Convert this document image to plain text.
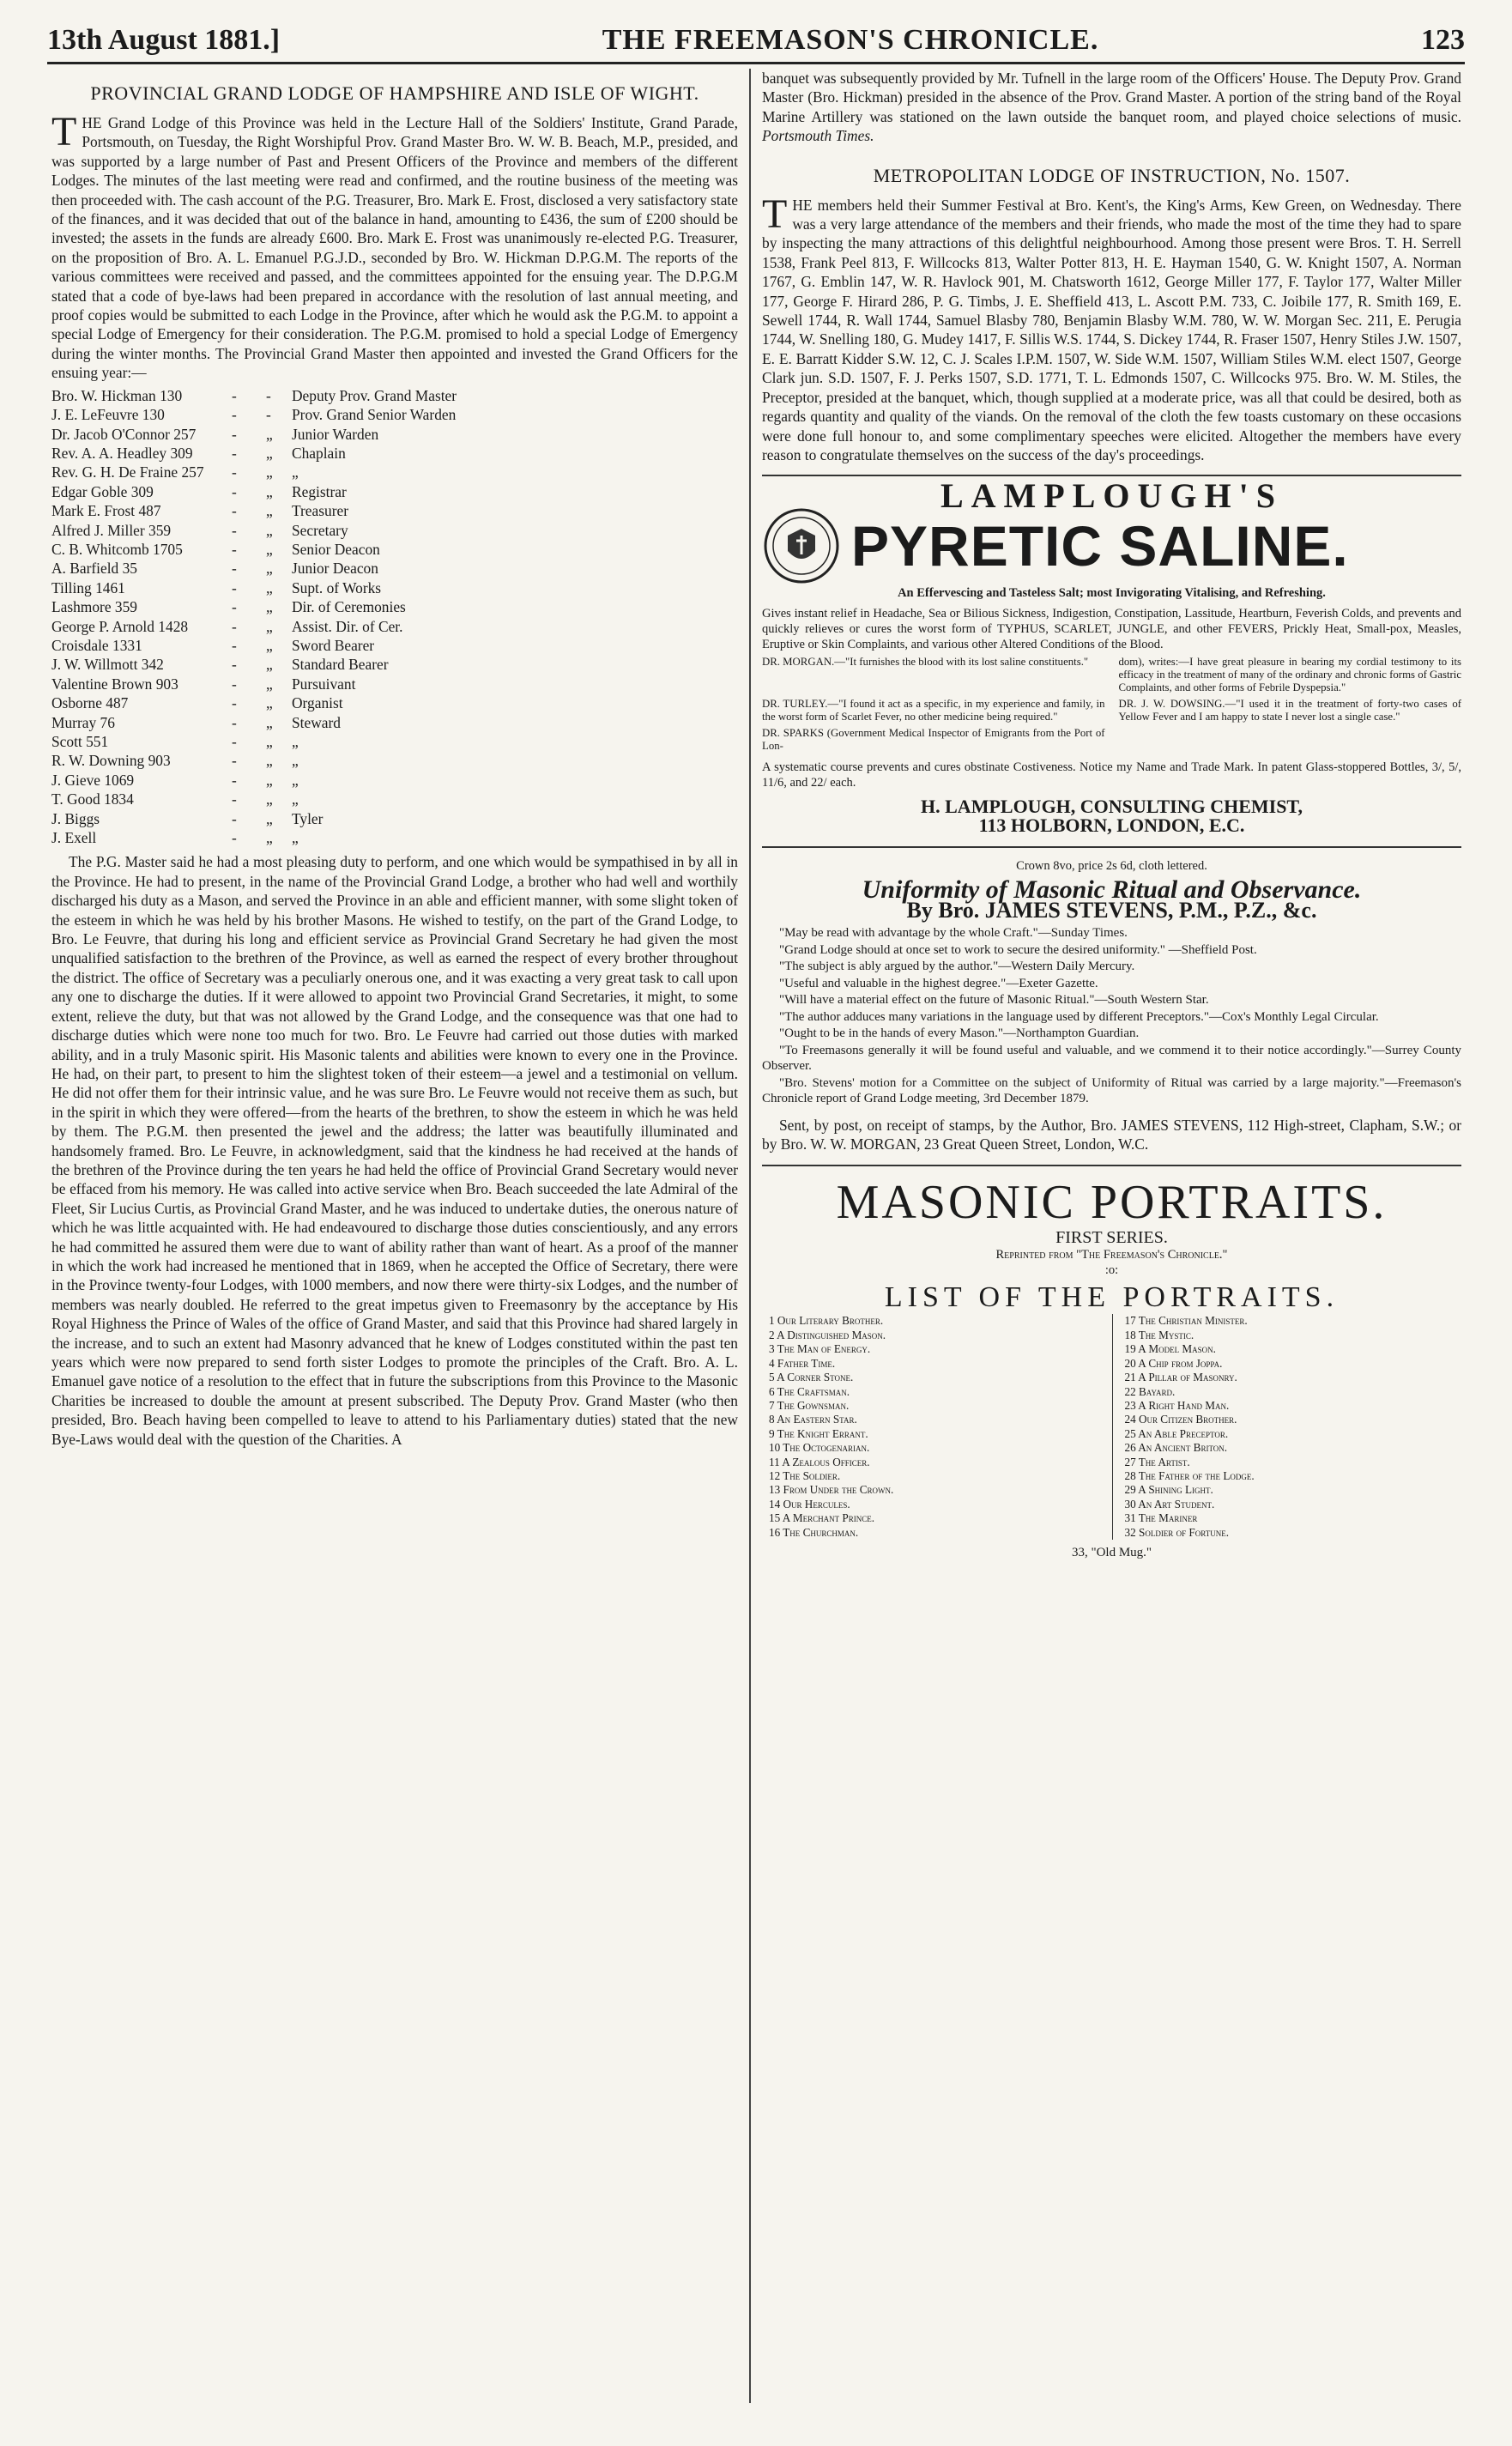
13th August 1881.]	THE FREEMASON'S CHRONICLE.	123
PROVINCIAL GRAND LODGE OF HAMPSHIRE AND ISLE OF WIGHT.

THE Grand Lodge of this Province was held in the Lecture Hall of the Soldiers' Institute, Grand Parade, Portsmouth, on Tuesday, the Right Worshipful Prov. Grand Master Bro. W. W. B. Beach, M.P., presided, and was supported by a large number of Past and Present Officers of the Province and members of the different Lodges. The minutes of the last meeting were read and confirmed, and the routine business of the meeting was then proceeded with. The cash account of the P.G. Treasurer, Bro. Mark E. Frost, disclosed a very satisfactory state of the finances, and it was decided that out of the balance in hand, amounting to £436, the sum of £200 should be invested; the assets in the funds are already £600. Bro. Mark E. Frost was unanimously re-elected P.G. Treasurer, on the proposition of Bro. A. L. Emanuel P.G.J.D., seconded by Bro. W. Hickman D.P.G.M. The reports of the various committees were received and passed, and the committees appointed for the ensuing year. The D.P.G.M stated that a code of bye-laws had been prepared in accordance with the resolution of last annual meeting, and proof copies would be submitted to each Lodge in the Province, after which he would ask the P.G.M. to appoint a special Lodge of Emergency for their consideration. The P.G.M. promised to hold a special Lodge of Emergency during the winter months. The Provincial Grand Master then appointed and invested the Grand Officers for the ensuing year:—

Bro. W. Hickman 130	-	-	Deputy Prov. Grand Master
J. E. LeFeuvre 130	-	-	Prov. Grand Senior Warden
Dr. Jacob O'Connor 257	-	„	Junior Warden
Rev. A. A. Headley 309	-	„	Chaplain
Rev. G. H. De Fraine 257	-	„	„
Edgar Goble 309	-	„	Registrar
Mark E. Frost 487	-	„	Treasurer
Alfred J. Miller 359	-	„	Secretary
C. B. Whitcomb 1705	-	„	Senior Deacon
A. Barfield 35	-	„	Junior Deacon
Tilling 1461	-	„	Supt. of Works
Lashmore 359	-	„	Dir. of Ceremonies
George P. Arnold 1428	-	„	Assist. Dir. of Cer.
Croisdale 1331	-	„	Sword Bearer
J. W. Willmott 342	-	„	Standard Bearer
Valentine Brown 903	-	„	Pursuivant
Osborne 487	-	„	Organist
Murray 76	-	„	Steward
Scott 551	-	„	„
R. W. Downing 903	-	„	„
J. Gieve 1069	-	„	„
T. Good 1834	-	„	„
J. Biggs	-	„	Tyler
J. Exell	-	„	„

The P.G. Master said he had a most pleasing duty to perform, and one which would be sympathised in by all in the Province. He had to present, in the name of the Provincial Grand Lodge, a brother who had well and worthily discharged his duty as a Mason, and served the Province in an able and efficient manner, with some slight token of the esteem in which he was held by his brother Masons. He wished to testify, on the part of the Grand Lodge, to Bro. Le Feuvre, that during his long and efficient service as Provincial Grand Secretary he had given the most unqualified satisfaction to the brethren of the Province, as well as earned the respect of every brother throughout the district. The office of Secretary was a peculiarly onerous one, and it was exacting a very great task to call upon any one to discharge the duties. If it were allowed to appoint two Provincial Grand Secretaries, it might, to some extent, relieve the duty, but that was not allowed by the Grand Lodge, and the consequence was that one had to discharge duties which were none too much for two. Bro. Le Feuvre had carried out those duties with marked ability, and in a truly Masonic spirit. His Masonic talents and abilities were known to every one in the Province. He had, on their part, to present to him the slightest token of their esteem—a jewel and a testimonial on vellum. He did not offer them for their intrinsic value, and he was sure Bro. Le Feuvre would not receive them as such, but in the spirit in which they were offered—from the hearts of the brethren, to show the esteem in which he was held by them. The P.G.M. then presented the jewel and the address; the latter was beautifully illuminated and handsomely framed. Bro. Le Feuvre, in acknowledgment, said that the kindness he had received at the hands of the brethren of the Province during the ten years he had held the office of Provincial Grand Secretary would never be effaced from his memory. He was called into active service when Bro. Beach succeeded the late Admiral of the Fleet, Sir Lucius Curtis, as Provincial Grand Master, and he was induced to undertake duties, the onerous nature of which he was little acquainted with. He had endeavoured to discharge those duties conscientiously, and any errors he had committed he assured them were due to want of ability rather than want of heart. As a proof of the manner in which the work had increased he mentioned that in 1869, when he accepted the Office of Secretary, there were in the Province twenty-four Lodges, with 1000 members, and now there were thirty-six Lodges, and the number of members was nearly doubled. He referred to the great impetus given to Freemasonry by the acceptance by His Royal Highness the Prince of Wales of the office of Grand Master, and said that this Province had shared largely in the increase, and to such an extent had Masonry advanced that he knew of Lodges constituted within the past ten years which were now prepared to send forth sister Lodges to promote the principles of the Craft. Bro. A. L. Emanuel gave notice of a resolution to the effect that in future the subscriptions from this Province to the Masonic Charities be increased to double the amount at present subscribed. The Deputy Prov. Grand Master (who then presided, Bro. Beach having been compelled to leave to attend to his Parliamentary duties) stated that the new Bye-Laws would deal with the question of the Charities. A

banquet was subsequently provided by Mr. Tufnell in the large room of the Officers' House. The Deputy Prov. Grand Master (Bro. Hickman) presided in the absence of the Prov. Grand Master. A portion of the string band of the Royal Marine Artillery was stationed on the lawn outside the banquet room, and played choice selections of music. Portsmouth Times.

METROPOLITAN LODGE OF INSTRUCTION, No. 1507.

THE members held their Summer Festival at Bro. Kent's, the King's Arms, Kew Green, on Wednesday. There was a very large attendance of the members and their friends, who made the most of the time they had to spare by inspecting the many attractions of this delightful neighbourhood. Among those present were Bros. T. H. Serrell 1538, Frank Peel 813, F. Willcocks 813, Walter Potter 813, H. E. Hayman 1540, G. W. Knight 1507, A. Norman 1767, G. Emblin 147, W. R. Havlock 901, M. Chatsworth 1612, George Miller 177, F. Taylor 177, Walter Miller 177, George F. Hirard 286, P. G. Timbs, J. E. Sheffield 413, L. Ascott P.M. 733, C. Joibile 177, R. Smith 169, E. Sewell 1744, R. Wall 1744, Samuel Blasby 780, Benjamin Blasby W.M. 780, W. W. Morgan Sec. 211, E. Perugia 1744, W. Snelling 180, G. Mudey 1417, F. Sillis W.S. 1744, S. Dickey 1744, R. Fraser 1507, Henry Stiles J.W. 1507, E. E. Barratt Kidder S.W. 12, C. J. Scales I.P.M. 1507, W. Side W.M. 1507, William Stiles W.M. elect 1507, George Clark jun. S.D. 1507, F. J. Perks 1507, S.D. 1771, T. L. Edmonds 1507, C. Willcocks 975. Bro. W. M. Stiles, the Preceptor, presided at the banquet, which, though supplied at a moderate price, was all that could be desired, both as regards quantity and quality of the viands. On the removal of the cloth the few toasts customary on these occasions were done full honour to, and some complimentary speeches were elicited. Altogether the members have every reason to congratulate themselves on the success of the day's proceedings.

LAMPLOUGH'S
PYRETIC SALINE.
An Effervescing and Tasteless Salt; most Invigorating Vitalising, and Refreshing.
Gives instant relief in Headache, Sea or Bilious Sickness, Indigestion, Constipation, Lassitude, Heartburn, Feverish Colds, and prevents and quickly relieves or cures the worst form of TYPHUS, SCARLET, JUNGLE, and other FEVERS, Prickly Heat, Small-pox, Measles, Eruptive or Skin Complaints, and various other Altered Conditions of the Blood.
DR. MORGAN.—"It furnishes the blood with its lost saline constituents."	dom), writes:—I have great pleasure in bearing my cordial testimony to its efficacy in the treatment of many of the ordinary and chronic forms of Gastric Complaints, and other forms of Febrile Dyspepsia."
DR. TURLEY.—"I found it act as a specific, in my experience and family, in the worst form of Scarlet Fever, no other medicine being required."
DR. J. W. DOWSING.—"I used it in the treatment of forty-two cases of Yellow Fever and I am happy to state I never lost a single case."
DR. SPARKS (Government Medical Inspector of Emigrants from the Port of Lon-
A systematic course prevents and cures obstinate Costiveness. Notice my Name and Trade Mark. In patent Glass-stoppered Bottles, 3/, 5/, 11/6, and 22/ each.
H. LAMPLOUGH, CONSULTING CHEMIST,
113 HOLBORN, LONDON, E.C.
Crown 8vo, price 2s 6d, cloth lettered.
Uniformity of Masonic Ritual and Observance.
By Bro. JAMES STEVENS, P.M., P.Z., &c.

"May be read with advantage by the whole Craft."—Sunday Times.

"Grand Lodge should at once set to work to secure the desired uniformity." —Sheffield Post.

"The subject is ably argued by the author."—Western Daily Mercury.

"Useful and valuable in the highest degree."—Exeter Gazette.

"Will have a material effect on the future of Masonic Ritual."—South Western Star.

"The author adduces many variations in the language used by different Preceptors."—Cox's Monthly Legal Circular.

"Ought to be in the hands of every Mason."—Northampton Guardian.

"To Freemasons generally it will be found useful and valuable, and we commend it to their notice accordingly."—Surrey County Observer.

"Bro. Stevens' motion for a Committee on the subject of Uniformity of Ritual was carried by a large majority."—Freemason's Chronicle report of Grand Lodge meeting, 3rd December 1879.

Sent, by post, on receipt of stamps, by the Author, Bro. JAMES STEVENS, 112 High-street, Clapham, S.W.; or by Bro. W. W. MORGAN, 23 Great Queen Street, London, W.C.

MASONIC PORTRAITS.
FIRST SERIES.
Reprinted from "The Freemason's Chronicle."
:o:
LIST OF THE PORTRAITS.
1 Our Literary Brother.
2 A Distinguished Mason.
3 The Man of Energy.
4 Father Time.
5 A Corner Stone.
6 The Craftsman.
7 The Gownsman.
8 An Eastern Star.
9 The Knight Errant.
10 The Octogenarian.
11 A Zealous Officer.
12 The Soldier.
13 From Under the Crown.
14 Our Hercules.
15 A Merchant Prince.
16 The Churchman.
17 The Christian Minister.
18 The Mystic.
19 A Model Mason.
20 A Chip from Joppa.
21 A Pillar of Masonry.
22 Bayard.
23 A Right Hand Man.
24 Our Citizen Brother.
25 An Able Preceptor.
26 An Ancient Briton.
27 The Artist.
28 The Father of the Lodge.
29 A Shining Light.
30 An Art Student.
31 The Mariner
32 Soldier of Fortune.
33, "Old Mug."
